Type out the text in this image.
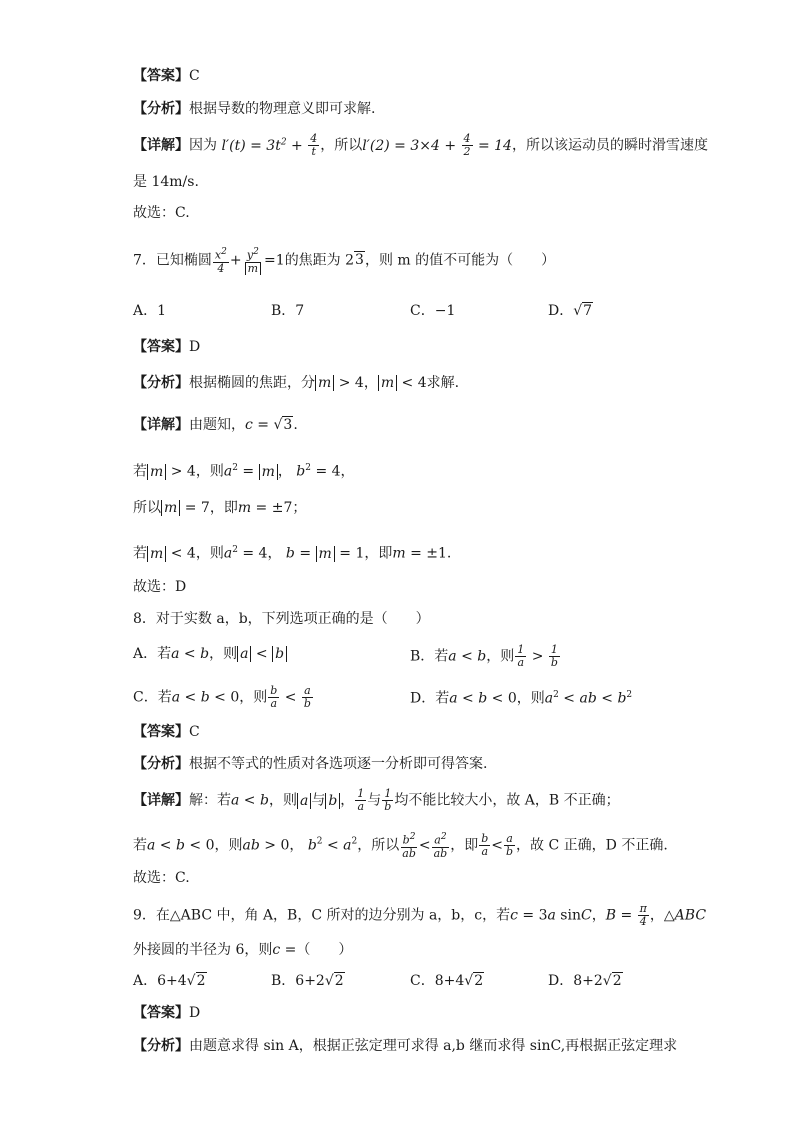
【答案】C
【分析】根据导数的物理意义即可求解.
【详解】因为 $l'(t) = 3t^2 + \frac{4}{t}$ ，所以$l'(2) = 3\times 4 + \frac{4}{2} = 14$，所以该运动员的瞬时滑雪速度
是 14m/s.
故选：C.
7．已知椭圆 $\frac{x^2}{4} + \frac{y^2}{m} =1$的焦距为 23，则 m 的值不可能为（　　）
A．1	B．7	C．−1	D．√7
【答案】D
【分析】根据椭圆的焦距，分 m > 4， m < 4求解.
【详解】由题知，c = √3.
若 m > 4，则$a^2 = m$ ， $b^2 = 4$，
所以 m = 7，即m = ±7；
若 m < 4，则$a^2 = 4$， b = m = 1，即m = ±1.
故选：D
8．对于实数 a，b，下列选项正确的是（　　）
A．若a < b，则 a < b	B．若a < b，则 $\frac{1}{a} > \frac{1}{b}$
C．若a < b < 0，则 $\frac{b}{a} < \frac{a}{b}$	D．若a < b < 0，则$a^2$ < ab < $b^2$
【答案】C
【分析】根据不等式的性质对各选项逐一分析即可得答案.
【详解】解：若a < b，则 a 与 b ， $\frac{1}{a}$ 与 $\frac{1}{b}$ 均不能比较大小，故 A，B 不正确；
若a < b < 0，则ab > 0， $b^2 < a^2$，所以 $\frac{b^2}{ab} < \frac{a^2}{ab}$ ，即 $\frac{b}{a} < \frac{a}{b}$ ，故 C 正确，D 不正确.
故选：C.
9．在△ABC 中，角 A，B，C 所对的边分别为 a，b，c，若c = 3a sinC，$B = \frac{\pi}{4}$ ，△ABC
外接圆的半径为 6，则c =（　　）
A．6+4√2	B．6+2√2	C．8+4√2	D．8+2√2
【答案】D
【分析】由题意求得 sin A，根据正弦定理可求得 a,b 继而求得 sinC,再根据正弦定理求
